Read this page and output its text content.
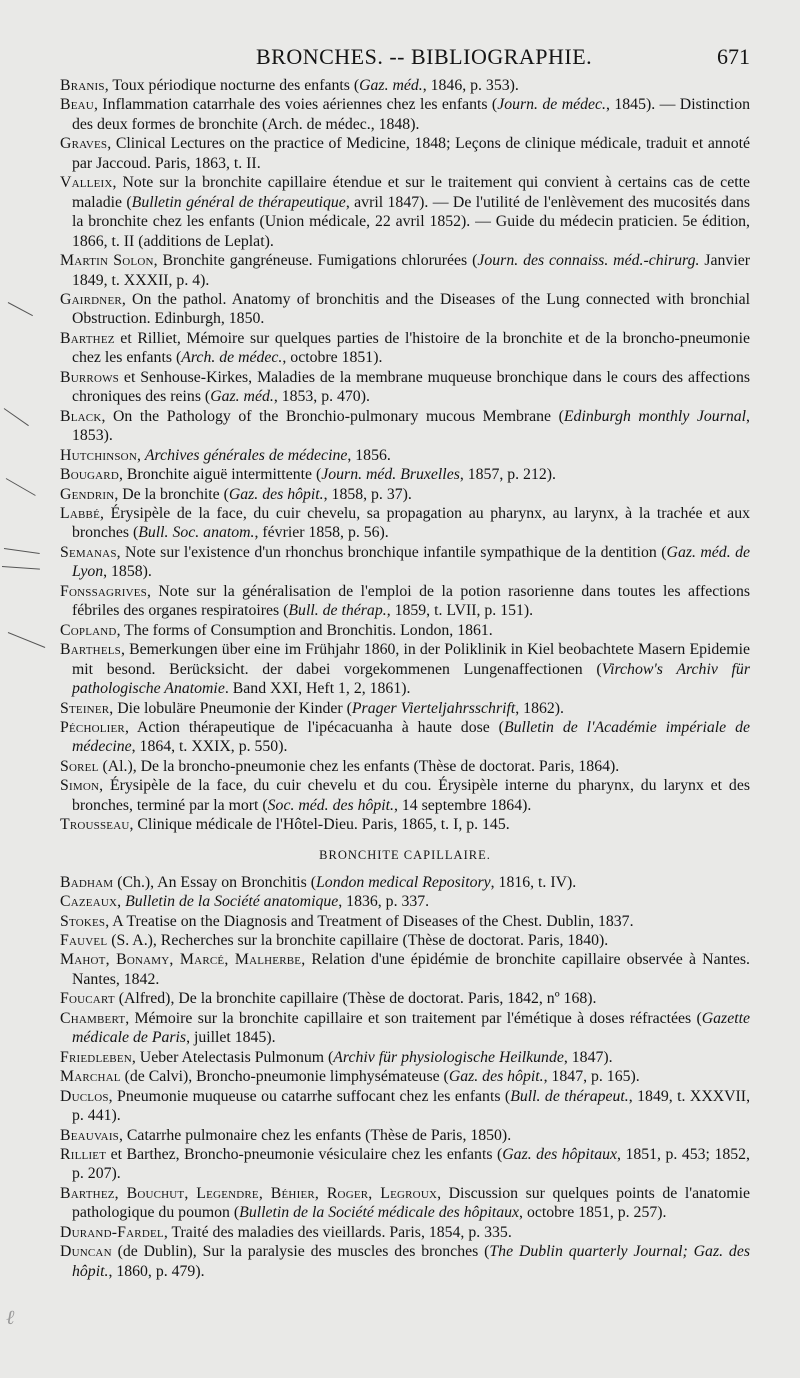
BRONCHES. -- BIBLIOGRAPHIE.	671

Branis, Toux périodique nocturne des enfants (Gaz. méd., 1846, p. 353).

Beau, Inflammation catarrhale des voies aériennes chez les enfants (Journ. de médec., 1845). — Distinction des deux formes de bronchite (Arch. de médec., 1848).

Graves, Clinical Lectures on the practice of Medicine, 1848; Leçons de clinique médicale, traduit et annoté par Jaccoud. Paris, 1863, t. II.

Valleix, Note sur la bronchite capillaire étendue et sur le traitement qui convient à certains cas de cette maladie (Bulletin général de thérapeutique, avril 1847). — De l'utilité de l'enlèvement des mucosités dans la bronchite chez les enfants (Union médicale, 22 avril 1852). — Guide du médecin praticien. 5e édition, 1866, t. II (additions de Leplat).

Martin Solon, Bronchite gangréneuse. Fumigations chlorurées (Journ. des connaiss. méd.-chirurg. Janvier 1849, t. XXXII, p. 4).

Gairdner, On the pathol. Anatomy of bronchitis and the Diseases of the Lung connected with bronchial Obstruction. Edinburgh, 1850.

Barthez et Rilliet, Mémoire sur quelques parties de l'histoire de la bronchite et de la broncho-pneumonie chez les enfants (Arch. de médec., octobre 1851).

Burrows et Senhouse-Kirkes, Maladies de la membrane muqueuse bronchique dans le cours des affections chroniques des reins (Gaz. méd., 1853, p. 470).

Black, On the Pathology of the Bronchio-pulmonary mucous Membrane (Edinburgh monthly Journal, 1853).

Hutchinson, Archives générales de médecine, 1856.

Bougard, Bronchite aiguë intermittente (Journ. méd. Bruxelles, 1857, p. 212).

Gendrin, De la bronchite (Gaz. des hôpit., 1858, p. 37).

Labbé, Érysipèle de la face, du cuir chevelu, sa propagation au pharynx, au larynx, à la trachée et aux bronches (Bull. Soc. anatom., février 1858, p. 56).

Semanas, Note sur l'existence d'un rhonchus bronchique infantile sympathique de la dentition (Gaz. méd. de Lyon, 1858).

Fonssagrives, Note sur la généralisation de l'emploi de la potion rasorienne dans toutes les affections fébriles des organes respiratoires (Bull. de thérap., 1859, t. LVII, p. 151).

Copland, The forms of Consumption and Bronchitis. London, 1861.

Barthels, Bemerkungen über eine im Frühjahr 1860, in der Poliklinik in Kiel beobachtete Masern Epidemie mit besond. Berücksicht. der dabei vorgekommenen Lungenaffectionen (Virchow's Archiv für pathologische Anatomie. Band XXI, Heft 1, 2, 1861).

Steiner, Die lobuläre Pneumonie der Kinder (Prager Vierteljahrsschrift, 1862).

Pécholier, Action thérapeutique de l'ipécacuanha à haute dose (Bulletin de l'Académie impériale de médecine, 1864, t. XXIX, p. 550).

Sorel (Al.), De la broncho-pneumonie chez les enfants (Thèse de doctorat. Paris, 1864).

Simon, Érysipèle de la face, du cuir chevelu et du cou. Érysipèle interne du pharynx, du larynx et des bronches, terminé par la mort (Soc. méd. des hôpit., 14 septembre 1864).

Trousseau, Clinique médicale de l'Hôtel-Dieu. Paris, 1865, t. I, p. 145.

BRONCHITE CAPILLAIRE.

Badham (Ch.), An Essay on Bronchitis (London medical Repository, 1816, t. IV).

Cazeaux, Bulletin de la Société anatomique, 1836, p. 337.

Stokes, A Treatise on the Diagnosis and Treatment of Diseases of the Chest. Dublin, 1837.

Fauvel (S. A.), Recherches sur la bronchite capillaire (Thèse de doctorat. Paris, 1840).

Mahot, Bonamy, Marcé, Malherbe, Relation d'une épidémie de bronchite capillaire observée à Nantes. Nantes, 1842.

Foucart (Alfred), De la bronchite capillaire (Thèse de doctorat. Paris, 1842, nº 168).

Chambert, Mémoire sur la bronchite capillaire et son traitement par l'émétique à doses réfractées (Gazette médicale de Paris, juillet 1845).

Friedleben, Ueber Atelectasis Pulmonum (Archiv für physiologische Heilkunde, 1847).

Marchal (de Calvi), Broncho-pneumonie limphysémateuse (Gaz. des hôpit., 1847, p. 165).

Duclos, Pneumonie muqueuse ou catarrhe suffocant chez les enfants (Bull. de thérapeut., 1849, t. XXXVII, p. 441).

Beauvais, Catarrhe pulmonaire chez les enfants (Thèse de Paris, 1850).

Rilliet et Barthez, Broncho-pneumonie vésiculaire chez les enfants (Gaz. des hôpitaux, 1851, p. 453; 1852, p. 207).

Barthez, Bouchut, Legendre, Béhier, Roger, Legroux, Discussion sur quelques points de l'anatomie pathologique du poumon (Bulletin de la Société médicale des hôpitaux, octobre 1851, p. 257).

Durand-Fardel, Traité des maladies des vieillards. Paris, 1854, p. 335.

Duncan (de Dublin), Sur la paralysie des muscles des bronches (The Dublin quarterly Journal; Gaz. des hôpit., 1860, p. 479).

ℓ
